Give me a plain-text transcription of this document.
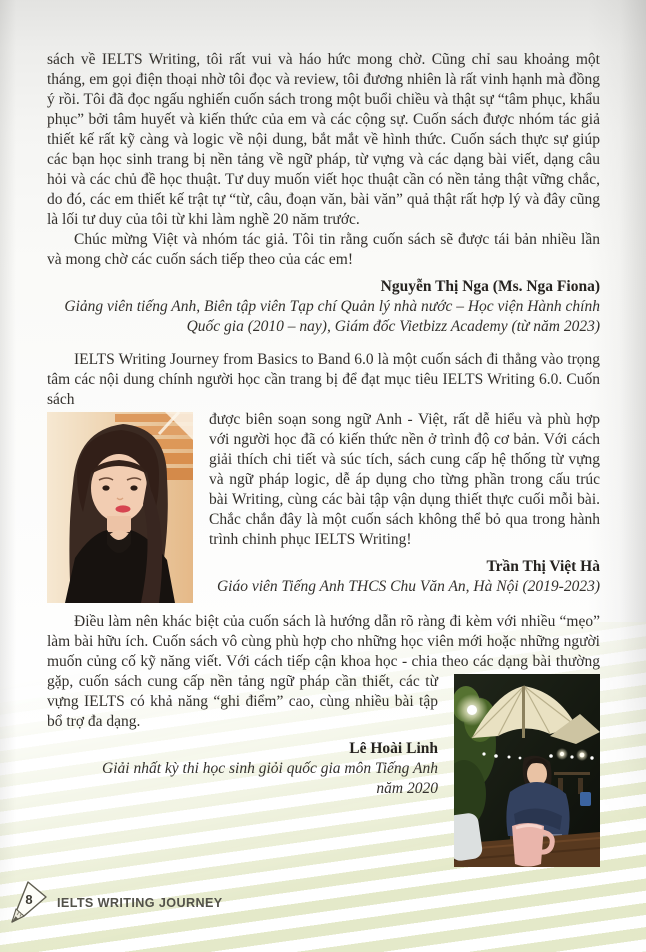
sách về IELTS Writing, tôi rất vui và háo hức mong chờ. Cũng chỉ sau khoảng một tháng, em gọi điện thoại nhờ tôi đọc và review, tôi đương nhiên là rất vinh hạnh mà đồng ý rồi. Tôi đã đọc ngấu nghiến cuốn sách trong một buổi chiều và thật sự “tâm phục, khẩu phục” bởi tâm huyết và kiến thức của em và các cộng sự. Cuốn sách được nhóm tác giả thiết kế rất kỹ càng và logic về nội dung, bắt mắt về hình thức. Cuốn sách thực sự giúp các bạn học sinh trang bị nền tảng về ngữ pháp, từ vựng và các dạng bài viết, dạng câu hỏi và các chủ đề học thuật. Tư duy muốn viết học thuật cần có nền tảng thật vững chắc, do đó, các em thiết kế trật tự “từ, câu, đoạn văn, bài văn” quả thật rất hợp lý và đây cũng là lối tư duy của tôi từ khi làm nghề 20 năm trước.

Chúc mừng Việt và nhóm tác giả. Tôi tin rằng cuốn sách sẽ được tái bản nhiều lần và mong chờ các cuốn sách tiếp theo của các em!

Nguyễn Thị Nga (Ms. Nga Fiona)
Giảng viên tiếng Anh, Biên tập viên Tạp chí Quản lý nhà nước – Học viện Hành chính Quốc gia (2010 – nay), Giám đốc Vietbizz Academy (từ năm 2023)

IELTS Writing Journey from Basics to Band 6.0 là một cuốn sách đi thẳng vào trọng tâm các nội dung chính người học cần trang bị để đạt mục tiêu IELTS Writing 6.0. Cuốn sách

được biên soạn song ngữ Anh - Việt, rất dễ hiểu và phù hợp với người học đã có kiến thức nền ở trình độ cơ bản. Với cách giải thích chi tiết và súc tích, sách cung cấp hệ thống từ vựng và ngữ pháp logic, dễ áp dụng cho từng phần trong cấu trúc bài Writing, cùng các bài tập vận dụng thiết thực cuối mỗi bài. Chắc chắn đây là một cuốn sách không thể bỏ qua trong hành trình chinh phục IELTS Writing!

Trần Thị Việt Hà
Giáo viên Tiếng Anh THCS Chu Văn An, Hà Nội (2019-2023)

Điều làm nên khác biệt của cuốn sách là hướng dẫn rõ ràng đi kèm với nhiều “mẹo” làm bài hữu ích. Cuốn sách vô cùng phù hợp cho những học viên mới hoặc những người muốn củng cố kỹ năng viết. Với cách tiếp cận khoa học - chia theo các dạng bài thường

gặp, cuốn sách cung cấp nền tảng ngữ pháp cần thiết, các từ vựng IELTS có khả năng “ghi điểm” cao, cùng nhiều bài tập bổ trợ đa dạng.

Lê Hoài Linh
Giải nhất kỳ thi học sinh giỏi quốc gia môn Tiếng Anh
năm 2020
8 IELTS WRITING JOURNEY
